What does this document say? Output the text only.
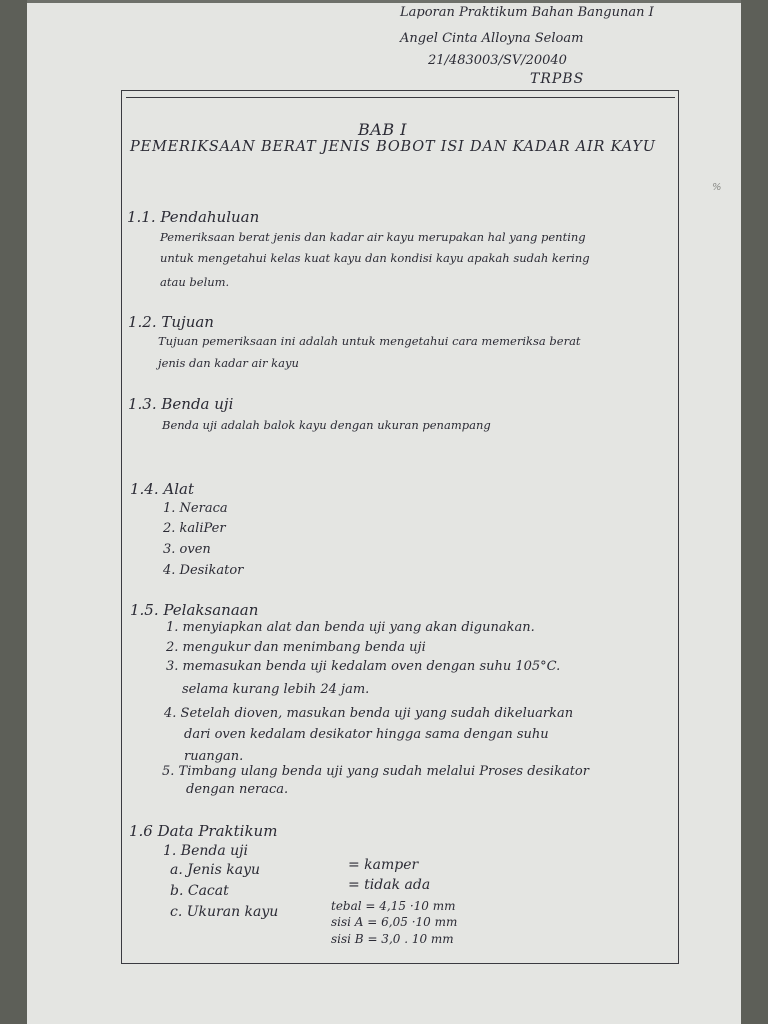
Laporan Praktikum Bahan Bangunan I
Angel Cinta Alloyna Seloam
21/483003/SV/20040
TRPBS
%
BAB I
PEMERIKSAAN BERAT JENIS BOBOT ISI DAN KADAR AIR KAYU
1.1. Pendahuluan
Pemeriksaan berat jenis dan kadar air kayu merupakan hal yang penting
untuk mengetahui kelas kuat kayu dan kondisi kayu apakah sudah kering
atau belum.
1.2. Tujuan
Tujuan pemeriksaan ini adalah untuk mengetahui cara memeriksa berat
jenis dan kadar air kayu
1.3. Benda uji
Benda uji adalah balok kayu dengan ukuran penampang
1.4. Alat
1. Neraca
2. kaliPer
3. oven
4. Desikator
1.5. Pelaksanaan
1. menyiapkan alat dan benda uji yang akan digunakan.
2. mengukur dan menimbang benda uji
3. memasukan benda uji kedalam oven dengan suhu 105°C.
selama kurang lebih 24 jam.
4. Setelah dioven, masukan benda uji yang sudah dikeluarkan
dari oven kedalam desikator hingga sama dengan suhu
ruangan.
5. Timbang ulang benda uji yang sudah melalui Proses desikator
dengan neraca.
1.6 Data Praktikum
1. Benda uji
a. Jenis kayu	= kamper
b. Cacat	= tidak ada
c. Ukuran kayu	tebal = 4,15 ·10 mm
sisi A = 6,05 ·10 mm
sisi B = 3,0 . 10 mm
